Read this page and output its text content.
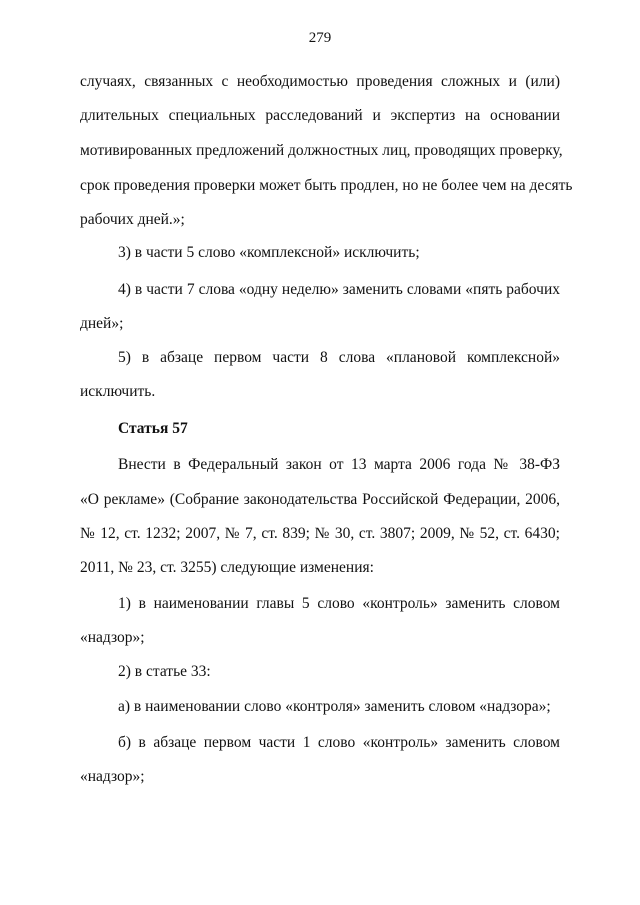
279
случаях, связанных с необходимостью проведения сложных и (или)
длительных специальных расследований и экспертиз на основании
мотивированных предложений должностных лиц, проводящих проверку,
срок проведения проверки может быть продлен, но не более чем на десять
рабочих дней.»;
3) в части 5 слово «комплексной» исключить;
4) в части 7 слова «одну неделю» заменить словами «пять рабочих
дней»;
5) в абзаце первом части 8 слова «плановой комплексной»
исключить.
Статья 57
Внести в Федеральный закон от 13 марта 2006 года № 38-ФЗ
«О рекламе» (Собрание законодательства Российской Федерации, 2006,
№ 12, ст. 1232; 2007, № 7, ст. 839; № 30, ст. 3807; 2009, № 52, ст. 6430;
2011, № 23, ст. 3255) следующие изменения:
1) в наименовании главы 5 слово «контроль» заменить словом
«надзор»;
2) в статье 33:
а) в наименовании слово «контроля» заменить словом «надзора»;
б) в абзаце первом части 1 слово «контроль» заменить словом
«надзор»;
